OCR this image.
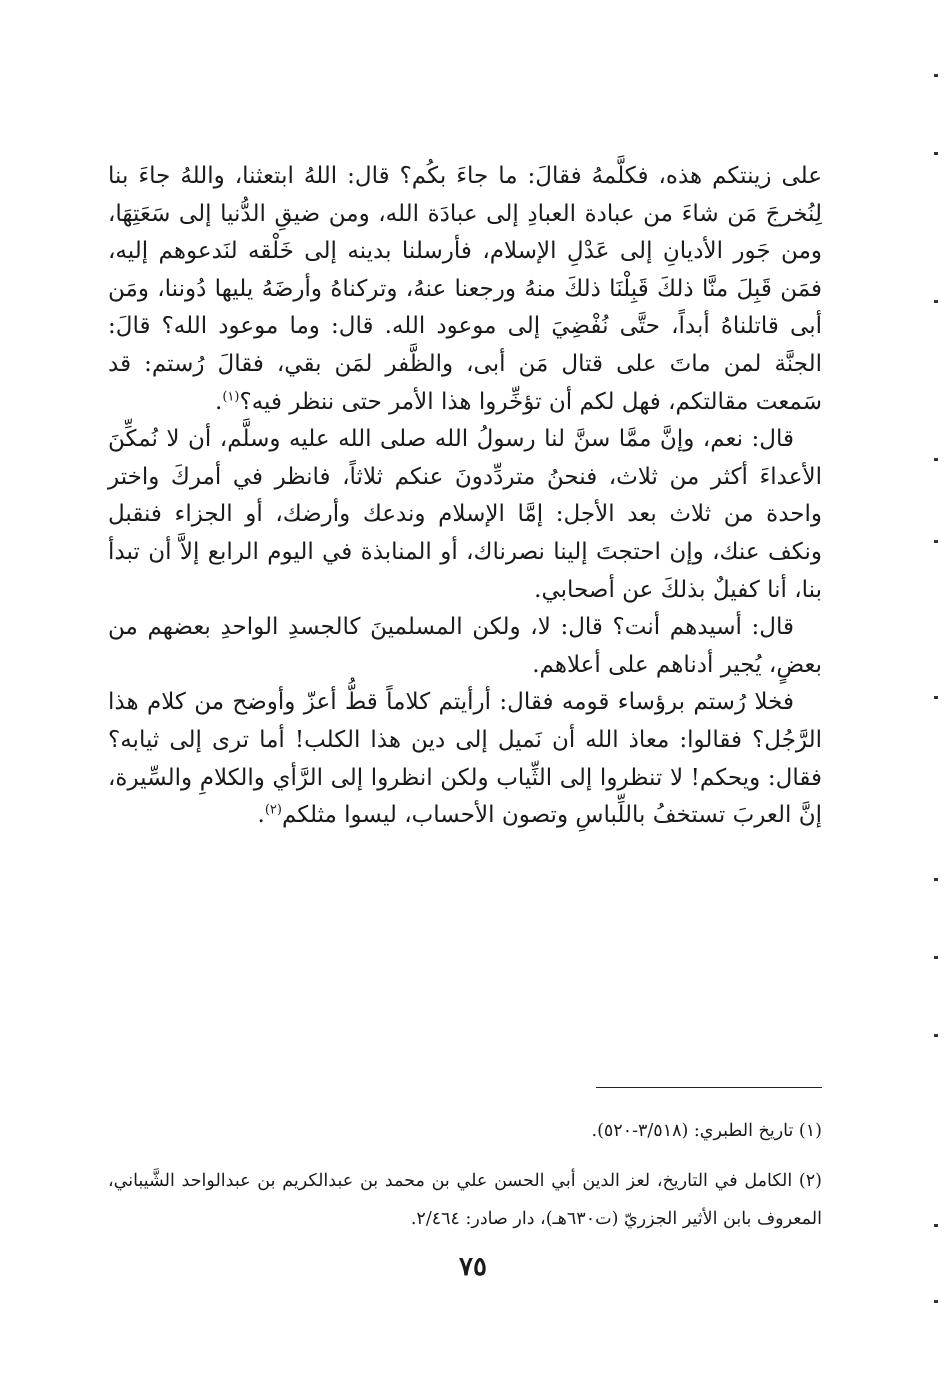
على زينتكم هذه، فكلَّمهُ فقالَ: ما جاءَ بكُم؟ قال: اللهُ ابتعثنا، واللهُ جاءَ بنا لِنُخرجَ مَن شاءَ من عبادة العبادِ إلى عبادَة الله، ومن ضيقِ الدُّنيا إلى سَعَتِهَا، ومن جَور الأديانِ إلى عَدْلِ الإسلام، فأرسلنا بدينه إلى خَلْقه لنَدعوهم إليه، فمَن قَبِلَ منَّا ذلكَ قَبِلْنَا ذلكَ منهُ ورجعنا عنهُ، وتركناهُ وأرضَهُ يليها دُوننا، ومَن أبى قاتلناهُ أبداً، حتَّى نُفْضِيَ إلى موعود الله. قال: وما موعود الله؟ قالَ: الجنَّة لمن ماتَ على قتال مَن أبى، والظَّفر لمَن بقي، فقالَ رُستم: قد سَمعت مقالتكم، فهل لكم أن تؤخِّروا هذا الأمر حتى ننظر فيه؟$^{(١)}$.

قال: نعم، وإنَّ ممَّا سنَّ لنا رسولُ الله صلى الله عليه وسلَّم، أن لا نُمكِّنَ الأعداءَ أكثر من ثلاث، فنحنُ متردِّدونَ عنكم ثلاثاً، فانظر في أمركَ واختر واحدة من ثلاث بعد الأجل: إمَّا الإسلام وندعك وأرضك، أو الجزاء فنقبل ونكف عنك، وإن احتجتَ إلينا نصرناك، أو المنابذة في اليوم الرابع إلاَّ أن تبدأ بنا، أنا كفيلٌ بذلكَ عن أصحابي.

قال: أسيدهم أنت؟ قال: لا، ولكن المسلمينَ كالجسدِ الواحدِ بعضهم من بعضٍ، يُجير أدناهم على أعلاهم.

فخلا رُستم برؤساء قومه فقال: أرأيتم كلاماً قطُّ أعزّ وأوضح من كلام هذا الرَّجُل؟ فقالوا: معاذ الله أن نَميل إلى دين هذا الكلب! أما ترى إلى ثيابه؟ فقال: ويحكم! لا تنظروا إلى الثِّياب ولكن انظروا إلى الرَّأي والكلامِ والسِّيرة، إنَّ العربَ تستخفُ باللِّباسِ وتصون الأحساب، ليسوا مثلكم$^{(٢)}$.

(١) تاريخ الطبري: (٣/٥١٨-٥٢٠).

(٢) الكامل في التاريخ، لعز الدين أبي الحسن علي بن محمد بن عبدالكريم بن عبدالواحد الشَّيباني، المعروف بابن الأثير الجزريّ (ت٦٣٠هـ)، دار صادر: ٢/٤٦٤.

٧٥
